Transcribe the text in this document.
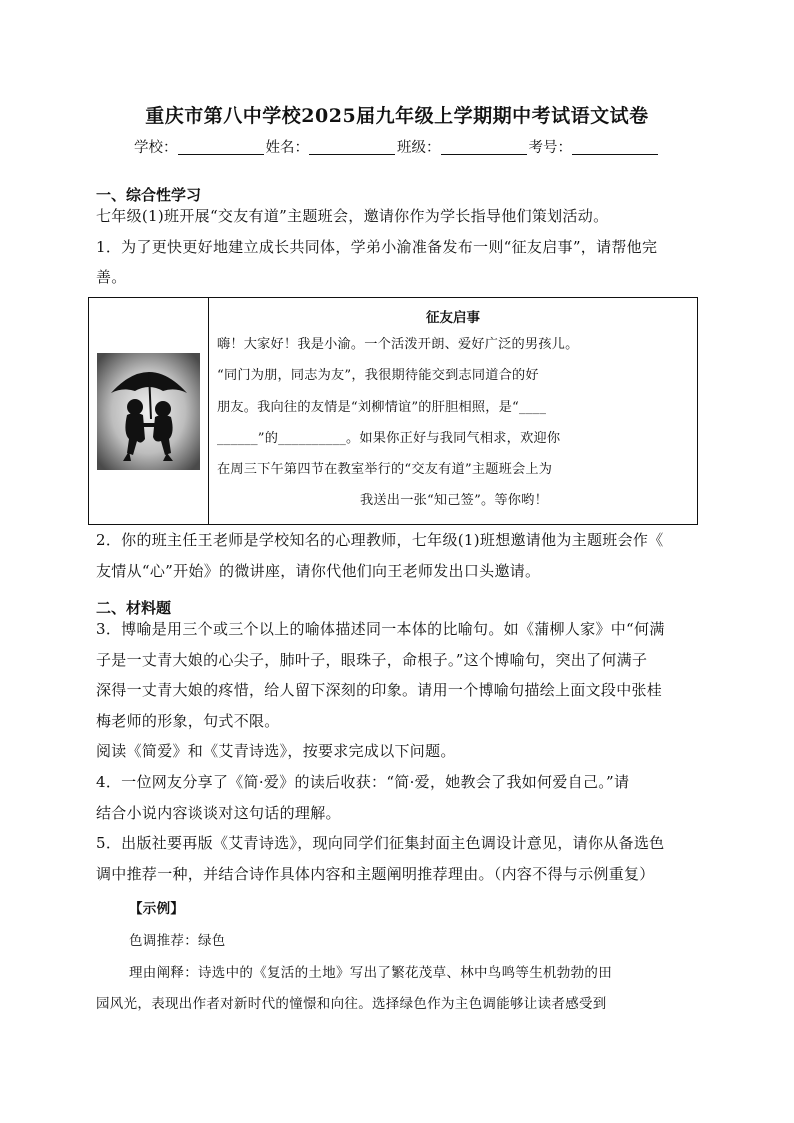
重庆市第八中学校2025届九年级上学期期中考试语文试卷
学校：	姓名：	班级：	考号：
一、综合性学习
七年级(1)班开展“交友有道”主题班会，邀请你作为学长指导他们策划活动。
1．为了更快更好地建立成长共同体，学弟小渝准备发布一则“征友启事”，请帮他完
善。
征友启事
嗨！大家好！我是小渝。一个活泼开朗、爱好广泛的男孩儿。
“同门为朋，同志为友”，我很期待能交到志同道合的好
朋友。我向往的友情是“刘柳情谊”的肝胆相照，是“____
______”的__________。如果你正好与我同气相求，欢迎你
在周三下午第四节在教室举行的“交友有道”主题班会上为
我送出一张“知己签”。等你哟！
2．你的班主任王老师是学校知名的心理教师，七年级(1)班想邀请他为主题班会作《
友情从“心”开始》的微讲座，请你代他们向王老师发出口头邀请。
二、材料题
3．博喻是用三个或三个以上的喻体描述同一本体的比喻句。如《蒲柳人家》中“何满
子是一丈青大娘的心尖子，肺叶子，眼珠子，命根子。”这个博喻句，突出了何满子
深得一丈青大娘的疼惜，给人留下深刻的印象。请用一个博喻句描绘上面文段中张桂
梅老师的形象，句式不限。
阅读《简爱》和《艾青诗选》，按要求完成以下问题。
4．一位网友分享了《简·爱》的读后收获：“简·爱，她教会了我如何爱自己。”请
结合小说内容谈谈对这句话的理解。
5．出版社要再版《艾青诗选》，现向同学们征集封面主色调设计意见，请你从备选色
调中推荐一种，并结合诗作具体内容和主题阐明推荐理由。（内容不得与示例重复）
【示例】
色调推荐：绿色
理由阐释：诗选中的《复活的土地》写出了繁花茂草、林中鸟鸣等生机勃勃的田
园风光，表现出作者对新时代的憧憬和向往。选择绿色作为主色调能够让读者感受到
